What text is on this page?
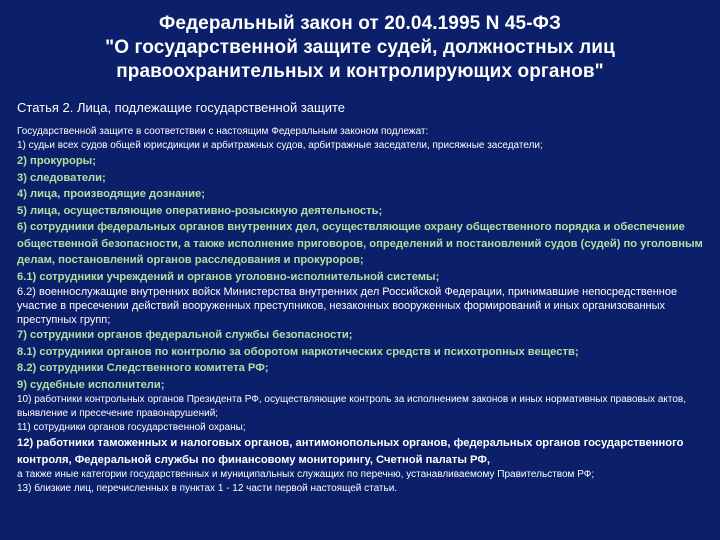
Федеральный закон от 20.04.1995 N 45-ФЗ
"О государственной защите судей, должностных лиц
правоохранительных и контролирующих органов"
Статья 2. Лица, подлежащие государственной защите
Государственной защите в соответствии с настоящим Федеральным законом подлежат:
1) судьи всех судов общей юрисдикции и арбитражных судов, арбитражные заседатели, присяжные заседатели;
2) прокуроры;
3) следователи;
4) лица, производящие дознание;
5) лица, осуществляющие оперативно-розыскную деятельность;
6) сотрудники федеральных органов внутренних дел, осуществляющие охрану общественного порядка и обеспечение общественной безопасности, а также исполнение приговоров, определений и постановлений судов (судей) по уголовным делам, постановлений органов расследования и прокуроров;
6.1) сотрудники учреждений и органов уголовно-исполнительной системы;
6.2) военнослужащие внутренних войск Министерства внутренних дел Российской Федерации, принимавшие непосредственное участие в пресечении действий вооруженных преступников, незаконных вооруженных формирований и иных организованных преступных групп;
7) сотрудники органов федеральной службы безопасности;
8.1) сотрудники органов по контролю за оборотом наркотических средств и психотропных веществ;
8.2) сотрудники Следственного комитета РФ;
9) судебные исполнители;
10) работники контрольных органов Президента РФ, осуществляющие контроль за исполнением законов и иных нормативных правовых актов, выявление и пресечение правонарушений;
11) сотрудники органов государственной охраны;
12) работники таможенных и налоговых органов, антимонопольных органов, федеральных органов государственного контроля, Федеральной службы по финансовому мониторингу, Счетной палаты РФ,
а также иные категории государственных и муниципальных служащих по перечню, устанавливаемому Правительством РФ;
13) близкие лиц, перечисленных в пунктах 1 - 12 части первой настоящей статьи.
